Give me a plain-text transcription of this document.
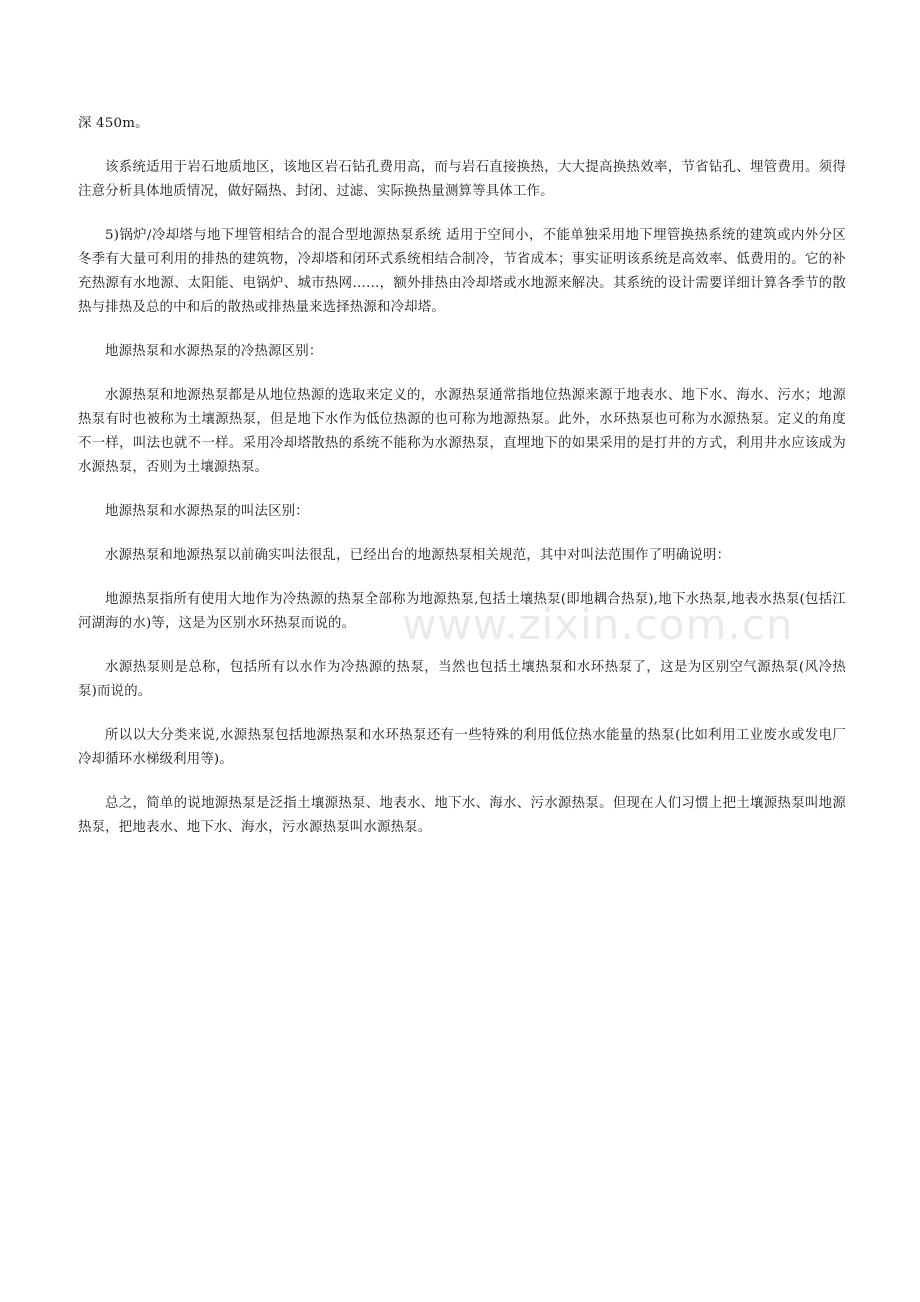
深 450m。

该系统适用于岩石地质地区，该地区岩石钻孔费用高，而与岩石直接换热，大大提高换热效率，节省钻孔、埋管费用。须得注意分析具体地质情况，做好隔热、封闭、过滤、实际换热量测算等具体工作。

5)锅炉/冷却塔与地下埋管相结合的混合型地源热泵系统 适用于空间小，不能单独采用地下埋管换热系统的建筑或内外分区冬季有大量可利用的排热的建筑物，冷却塔和闭环式系统相结合制冷，节省成本；事实证明该系统是高效率、低费用的。它的补充热源有水地源、太阳能、电锅炉、城市热网……，额外排热由冷却塔或水地源来解决。其系统的设计需要详细计算各季节的散热与排热及总的中和后的散热或排热量来选择热源和冷却塔。

地源热泵和水源热泵的冷热源区别：

水源热泵和地源热泵都是从地位热源的选取来定义的，水源热泵通常指地位热源来源于地表水、地下水、海水、污水；地源热泵有时也被称为土壤源热泵，但是地下水作为低位热源的也可称为地源热泵。此外，水环热泵也可称为水源热泵。定义的角度不一样，叫法也就不一样。采用冷却塔散热的系统不能称为水源热泵，直埋地下的如果采用的是打井的方式，利用井水应该成为水源热泵，否则为土壤源热泵。

地源热泵和水源热泵的叫法区别：

水源热泵和地源热泵以前确实叫法很乱，已经出台的地源热泵相关规范，其中对叫法范围作了明确说明：

地源热泵指所有使用大地作为冷热源的热泵全部称为地源热泵,包括土壤热泵(即地耦合热泵),地下水热泵,地表水热泵(包括江河湖海的水)等，这是为区别水环热泵而说的。

水源热泵则是总称，包括所有以水作为冷热源的热泵，当然也包括土壤热泵和水环热泵了，这是为区别空气源热泵(风冷热泵)而说的。

所以以大分类来说,水源热泵包括地源热泵和水环热泵还有一些特殊的利用低位热水能量的热泵(比如利用工业废水或发电厂冷却循环水梯级利用等)。

总之，简单的说地源热泵是泛指土壤源热泵、地表水、地下水、海水、污水源热泵。但现在人们习惯上把土壤源热泵叫地源热泵，把地表水、地下水、海水，污水源热泵叫水源热泵。

www.zixin.com.cn
